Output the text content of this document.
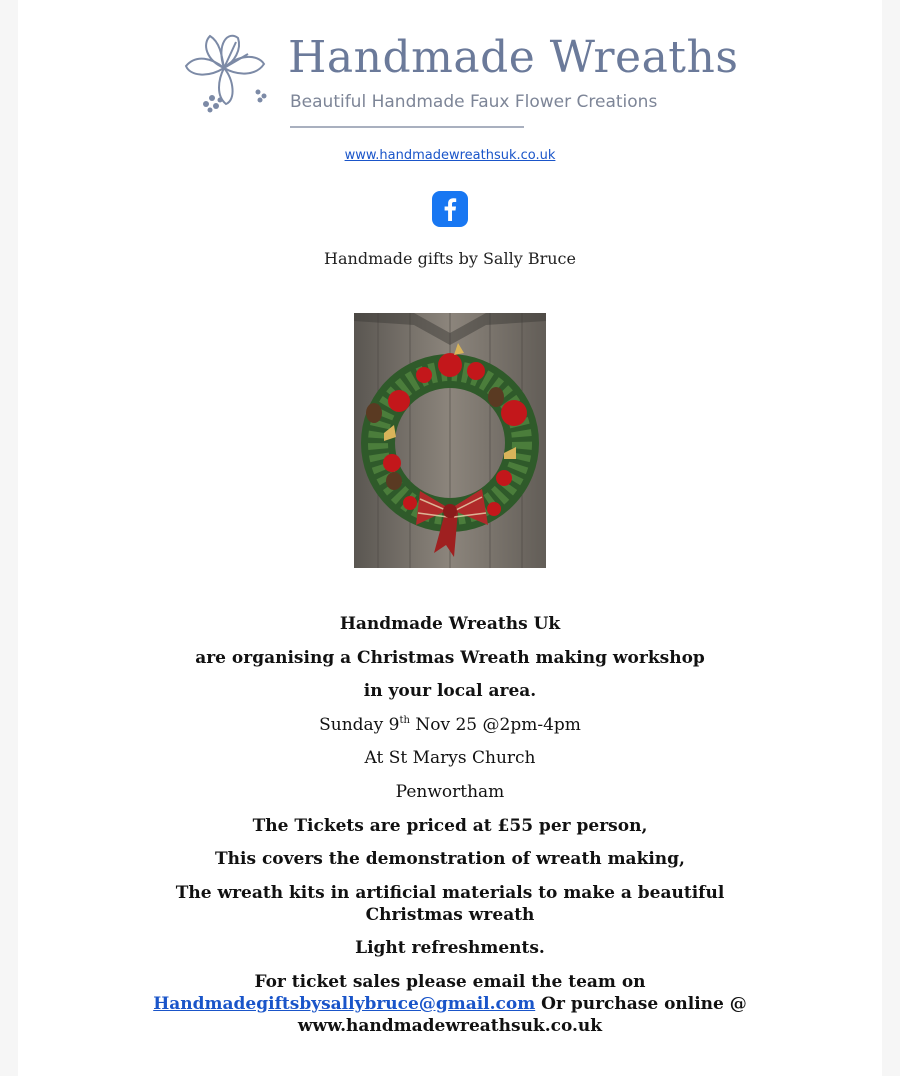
Handmade Wreaths
Beautiful Handmade Faux Flower Creations
www.handmadewreathsuk.co.uk
Handmade gifts by Sally Bruce
Handmade Wreaths Uk
are organising a Christmas Wreath making workshop
in your local area.
Sunday 9th Nov 25 @2pm-4pm
At St Marys Church
Penwortham
The Tickets are priced at £55 per person,
This covers the demonstration of wreath making,
The wreath kits in artificial materials to make a beautiful
Christmas wreath
Light refreshments.
For ticket sales please email the team on
Handmadegiftsbysallybruce@gmail.com Or purchase online @
www.handmadewreathsuk.co.uk
